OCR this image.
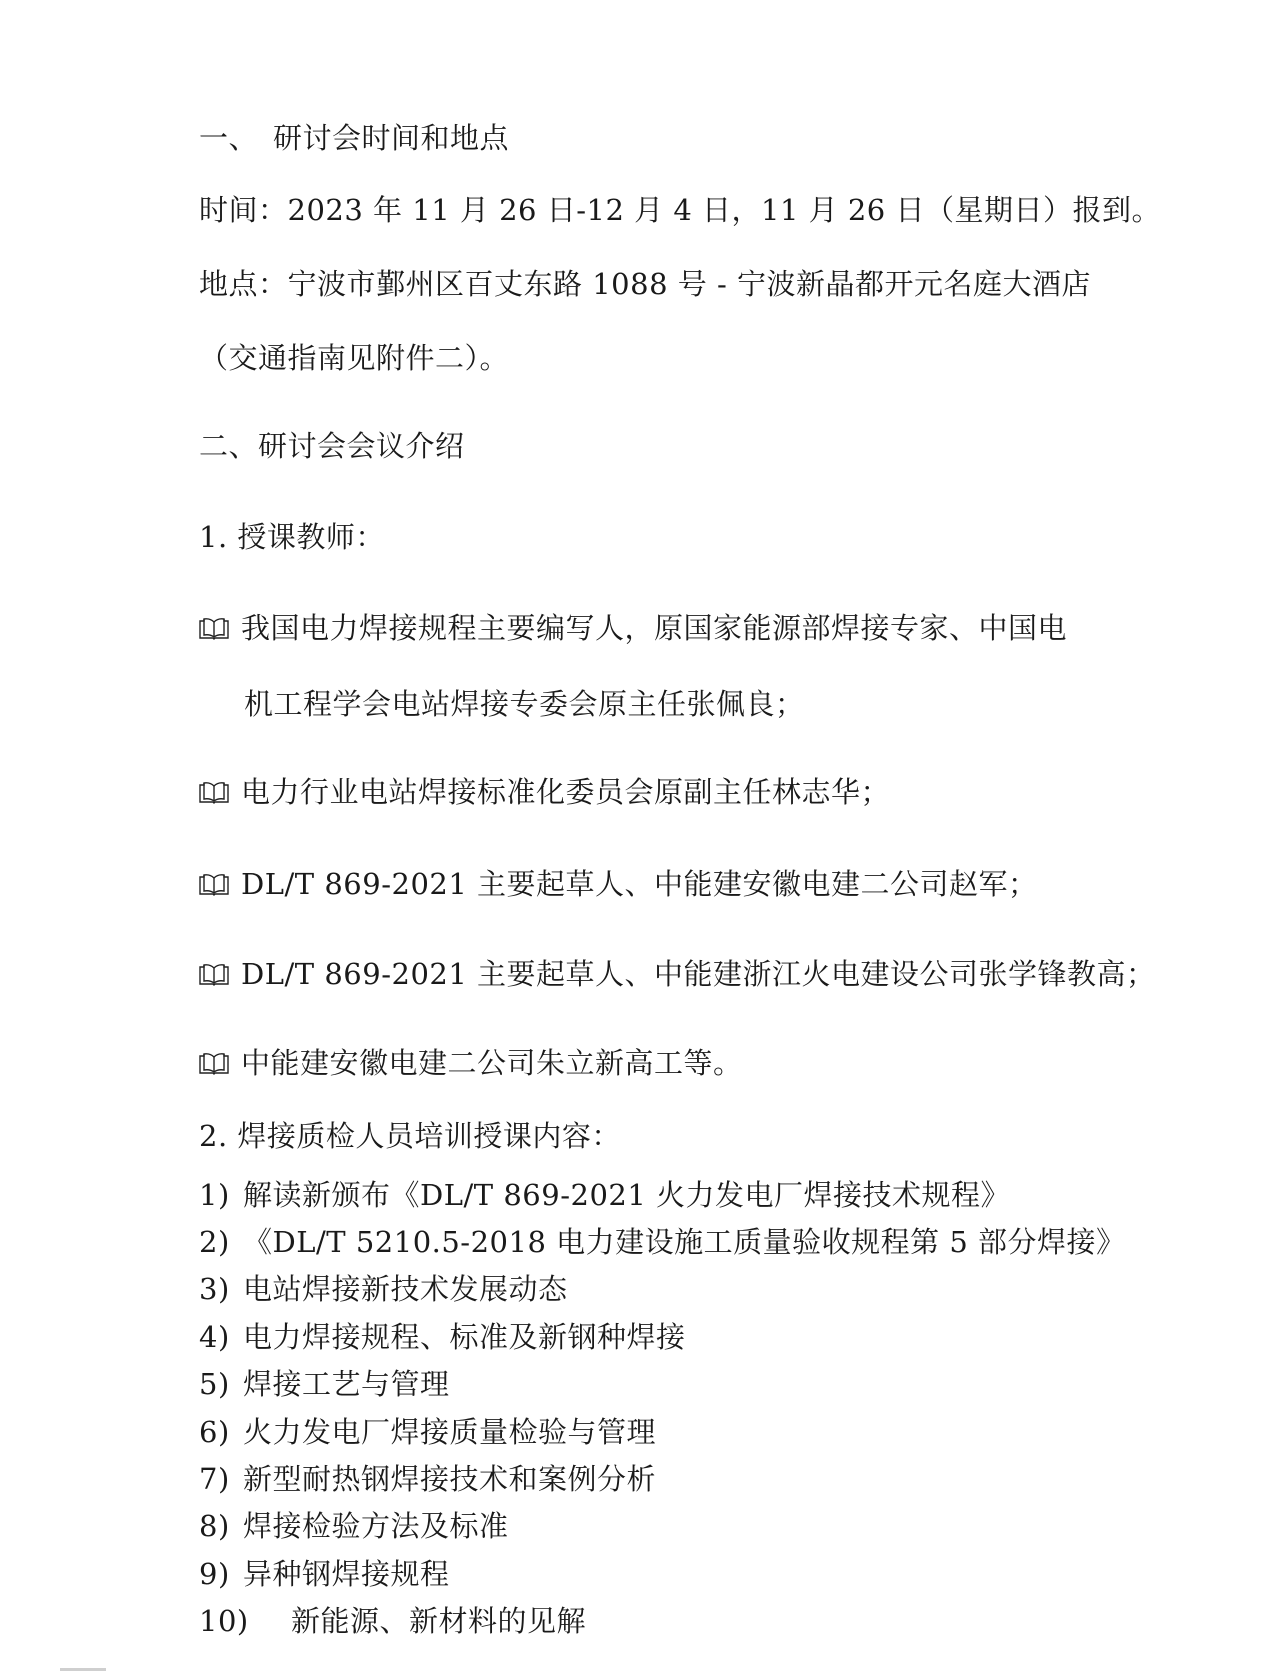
一、 研讨会时间和地点
时间：2023 年 11 月 26 日-12 月 4 日，11 月 26 日（星期日）报到。
地点：宁波市鄞州区百丈东路 1088 号 - 宁波新晶都开元名庭大酒店
（交通指南见附件二）。
二、研讨会会议介绍
1. 授课教师：
我国电力焊接规程主要编写人，原国家能源部焊接专家、中国电
机工程学会电站焊接专委会原主任张佩良；
电力行业电站焊接标准化委员会原副主任林志华；
DL/T 869-2021 主要起草人、中能建安徽电建二公司赵军；
DL/T 869-2021 主要起草人、中能建浙江火电建设公司张学锋教高；
中能建安徽电建二公司朱立新高工等。
2. 焊接质检人员培训授课内容：
1) 解读新颁布《DL/T 869-2021 火力发电厂焊接技术规程》
2) 《DL/T 5210.5-2018 电力建设施工质量验收规程第 5 部分焊接》
3) 电站焊接新技术发展动态
4) 电力焊接规程、标准及新钢种焊接
5) 焊接工艺与管理
6) 火力发电厂焊接质量检验与管理
7) 新型耐热钢焊接技术和案例分析
8) 焊接检验方法及标准
9) 异种钢焊接规程
10) 新能源、新材料的见解
